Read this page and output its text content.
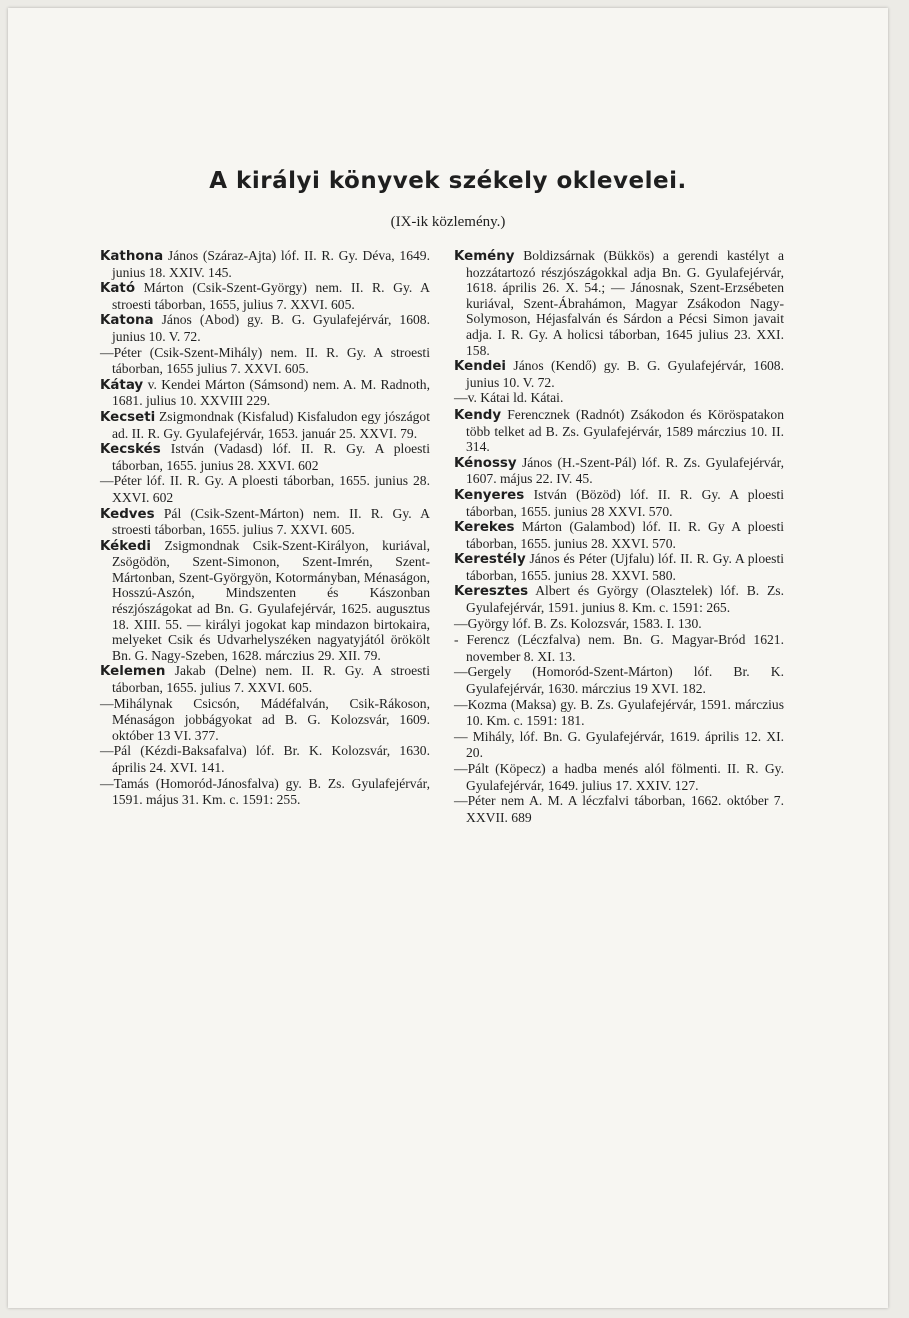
A királyi könyvek székely oklevelei.
(IX-ik közlemény.)

Kathona János (Száraz-Ajta) lóf. II. R. Gy. Déva, 1649. junius 18. XXIV. 145.

Kató Márton (Csik-Szent-György) nem. II. R. Gy. A stroesti táborban, 1655, julius 7. XXVI. 605.

Katona János (Abod) gy. B. G. Gyulafejérvár, 1608. junius 10. V. 72.

—Péter (Csik-Szent-Mihály) nem. II. R. Gy. A stroesti táborban, 1655 julius 7. XXVI. 605.

Kátay v. Kendei Márton (Sámsond) nem. A. M. Radnoth, 1681. julius 10. XXVIII 229.

Kecseti Zsigmondnak (Kisfalud) Kisfaludon egy jószágot ad. II. R. Gy. Gyulafejérvár, 1653. január 25. XXVI. 79.

Kecskés István (Vadasd) lóf. II. R. Gy. A ploesti táborban, 1655. junius 28. XXVI. 602

—Péter lóf. II. R. Gy. A ploesti táborban, 1655. junius 28. XXVI. 602

Kedves Pál (Csik-Szent-Márton) nem. II. R. Gy. A stroesti táborban, 1655. julius 7. XXVI. 605.

Kékedi Zsigmondnak Csik-Szent-Királyon, kuriával, Zsögödön, Szent-Simonon, Szent-Imrén, Szent-Mártonban, Szent-Györgyön, Kotormányban, Ménaságon, Hosszú-Aszón, Mindszenten és Kászonban részjószágokat ad Bn. G. Gyulafejérvár, 1625. augusztus 18. XIII. 55. — királyi jogokat kap mindazon birtokaira, melyeket Csik és Udvarhelyszéken nagyatyjától örökölt Bn. G. Nagy-Szeben, 1628. márczius 29. XII. 79.

Kelemen Jakab (Delne) nem. II. R. Gy. A stroesti táborban, 1655. julius 7. XXVI. 605.

—Mihálynak Csicsón, Mádéfalván, Csik-Rákoson, Ménaságon jobbágyokat ad B. G. Kolozsvár, 1609. október 13 VI. 377.

—Pál (Kézdi-Baksafalva) lóf. Br. K. Kolozsvár, 1630. április 24. XVI. 141.

—Tamás (Homoród-Jánosfalva) gy. B. Zs. Gyulafejérvár, 1591. május 31. Km. c. 1591: 255.

Kemény Boldizsárnak (Bükkös) a gerendi kastélyt a hozzátartozó részjószágokkal adja Bn. G. Gyulafejérvár, 1618. április 26. X. 54.; — Jánosnak, Szent-Erzsébeten kuriával, Szent-Ábrahámon, Magyar Zsákodon Nagy-Solymoson, Héjasfalván és Sárdon a Pécsi Simon javait adja. I. R. Gy. A holicsi táborban, 1645 julius 23. XXI. 158.

Kendei János (Kendő) gy. B. G. Gyulafejérvár, 1608. junius 10. V. 72.

—v. Kátai ld. Kátai.

Kendy Ferencznek (Radnót) Zsákodon és Köröspatakon több telket ad B. Zs. Gyulafejérvár, 1589 márczius 10. II. 314.

Kénossy János (H.-Szent-Pál) lóf. R. Zs. Gyulafejérvár, 1607. május 22. IV. 45.

Kenyeres István (Bözöd) lóf. II. R. Gy. A ploesti táborban, 1655. junius 28 XXVI. 570.

Kerekes Márton (Galambod) lóf. II. R. Gy A ploesti táborban, 1655. junius 28. XXVI. 570.

Kerestély János és Péter (Ujfalu) lóf. II. R. Gy. A ploesti táborban, 1655. junius 28. XXVI. 580.

Keresztes Albert és György (Olasztelek) lóf. B. Zs. Gyulafejérvár, 1591. junius 8. Km. c. 1591: 265.

—György lóf. B. Zs. Kolozsvár, 1583. I. 130.

- Ferencz (Léczfalva) nem. Bn. G. Magyar-Bród 1621. november 8. XI. 13.

—Gergely (Homoród-Szent-Márton) lóf. Br. K. Gyulafejérvár, 1630. márczius 19 XVI. 182.

—Kozma (Maksa) gy. B. Zs. Gyulafejérvár, 1591. márczius 10. Km. c. 1591: 181.

— Mihály, lóf. Bn. G. Gyulafejérvár, 1619. április 12. XI. 20.

—Pált (Köpecz) a hadba menés alól fölmenti. II. R. Gy. Gyulafejérvár, 1649. julius 17. XXIV. 127.

—Péter nem A. M. A léczfalvi táborban, 1662. október 7. XXVII. 689
